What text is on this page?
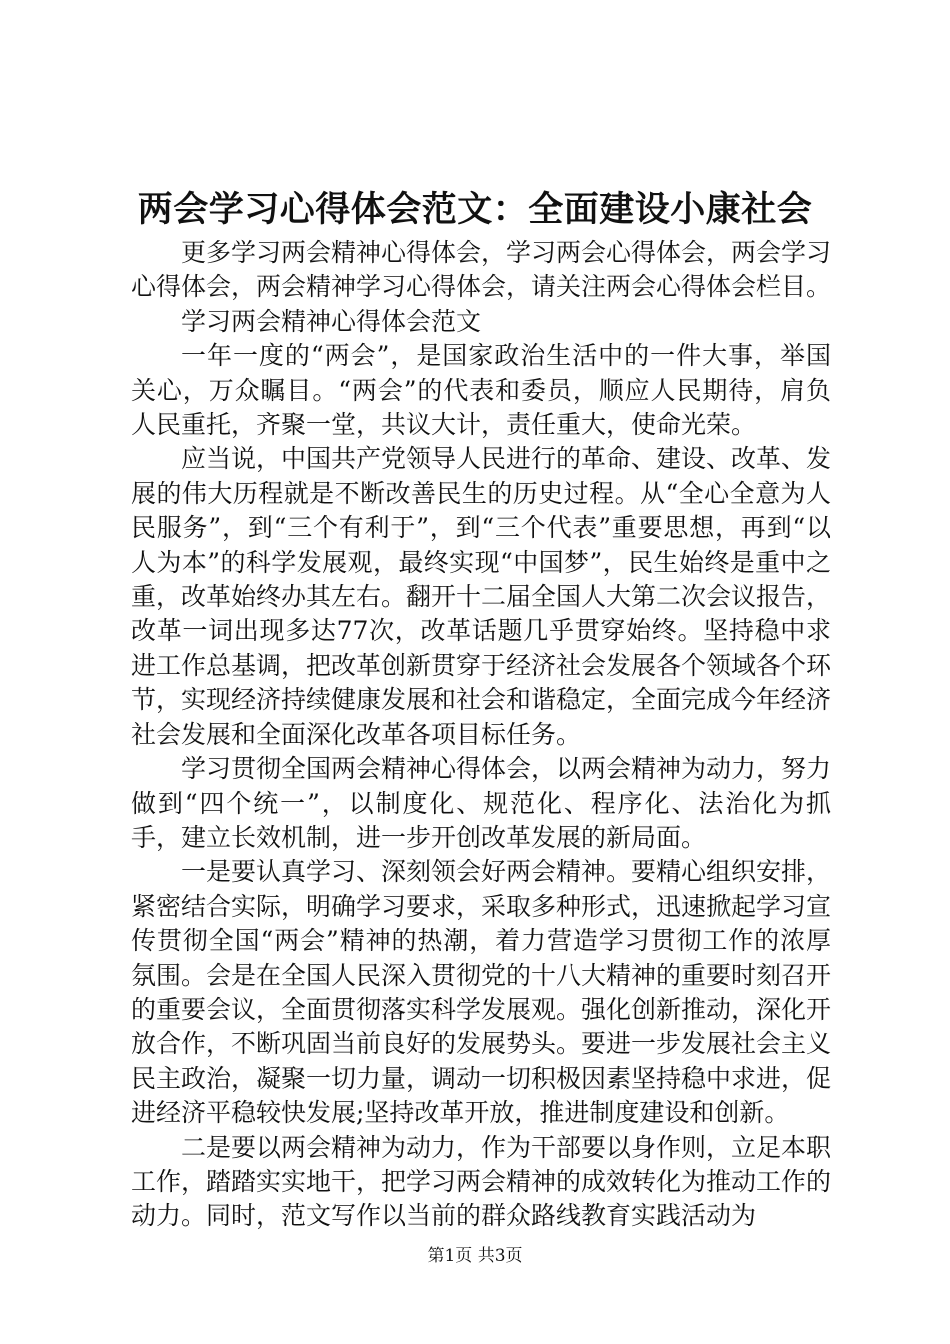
两会学习心得体会范文：全面建设小康社会

更多学习两会精神心得体会，学习两会心得体会，两会学习心得体会，两会精神学习心得体会，请关注两会心得体会栏目。

学习两会精神心得体会范文

一年一度的“两会”，是国家政治生活中的一件大事，举国关心，万众瞩目。“两会”的代表和委员，顺应人民期待，肩负人民重托，齐聚一堂，共议大计，责任重大，使命光荣。

应当说，中国共产党领导人民进行的革命、建设、改革、发展的伟大历程就是不断改善民生的历史过程。从“全心全意为人民服务”，到“三个有利于”，到“三个代表”重要思想，再到“以人为本”的科学发展观，最终实现“中国梦”，民生始终是重中之重，改革始终办其左右。翻开十二届全国人大第二次会议报告，改革一词出现多达77次，改革话题几乎贯穿始终。坚持稳中求进工作总基调，把改革创新贯穿于经济社会发展各个领域各个环节，实现经济持续健康发展和社会和谐稳定，全面完成今年经济社会发展和全面深化改革各项目标任务。

学习贯彻全国两会精神心得体会，以两会精神为动力，努力做到“四个统一”，以制度化、规范化、程序化、法治化为抓手，建立长效机制，进一步开创改革发展的新局面。

一是要认真学习、深刻领会好两会精神。要精心组织安排，紧密结合实际，明确学习要求，采取多种形式，迅速掀起学习宣传贯彻全国“两会”精神的热潮，着力营造学习贯彻工作的浓厚氛围。会是在全国人民深入贯彻党的十八大精神的重要时刻召开的重要会议，全面贯彻落实科学发展观。强化创新推动，深化开放合作，不断巩固当前良好的发展势头。要进一步发展社会主义民主政治，凝聚一切力量，调动一切积极因素坚持稳中求进，促进经济平稳较快发展;坚持改革开放，推进制度建设和创新。

二是要以两会精神为动力，作为干部要以身作则，立足本职工作，踏踏实实地干，把学习两会精神的成效转化为推动工作的动力。同时，范文写作以当前的群众路线教育实践活动为

第1页 共3页
